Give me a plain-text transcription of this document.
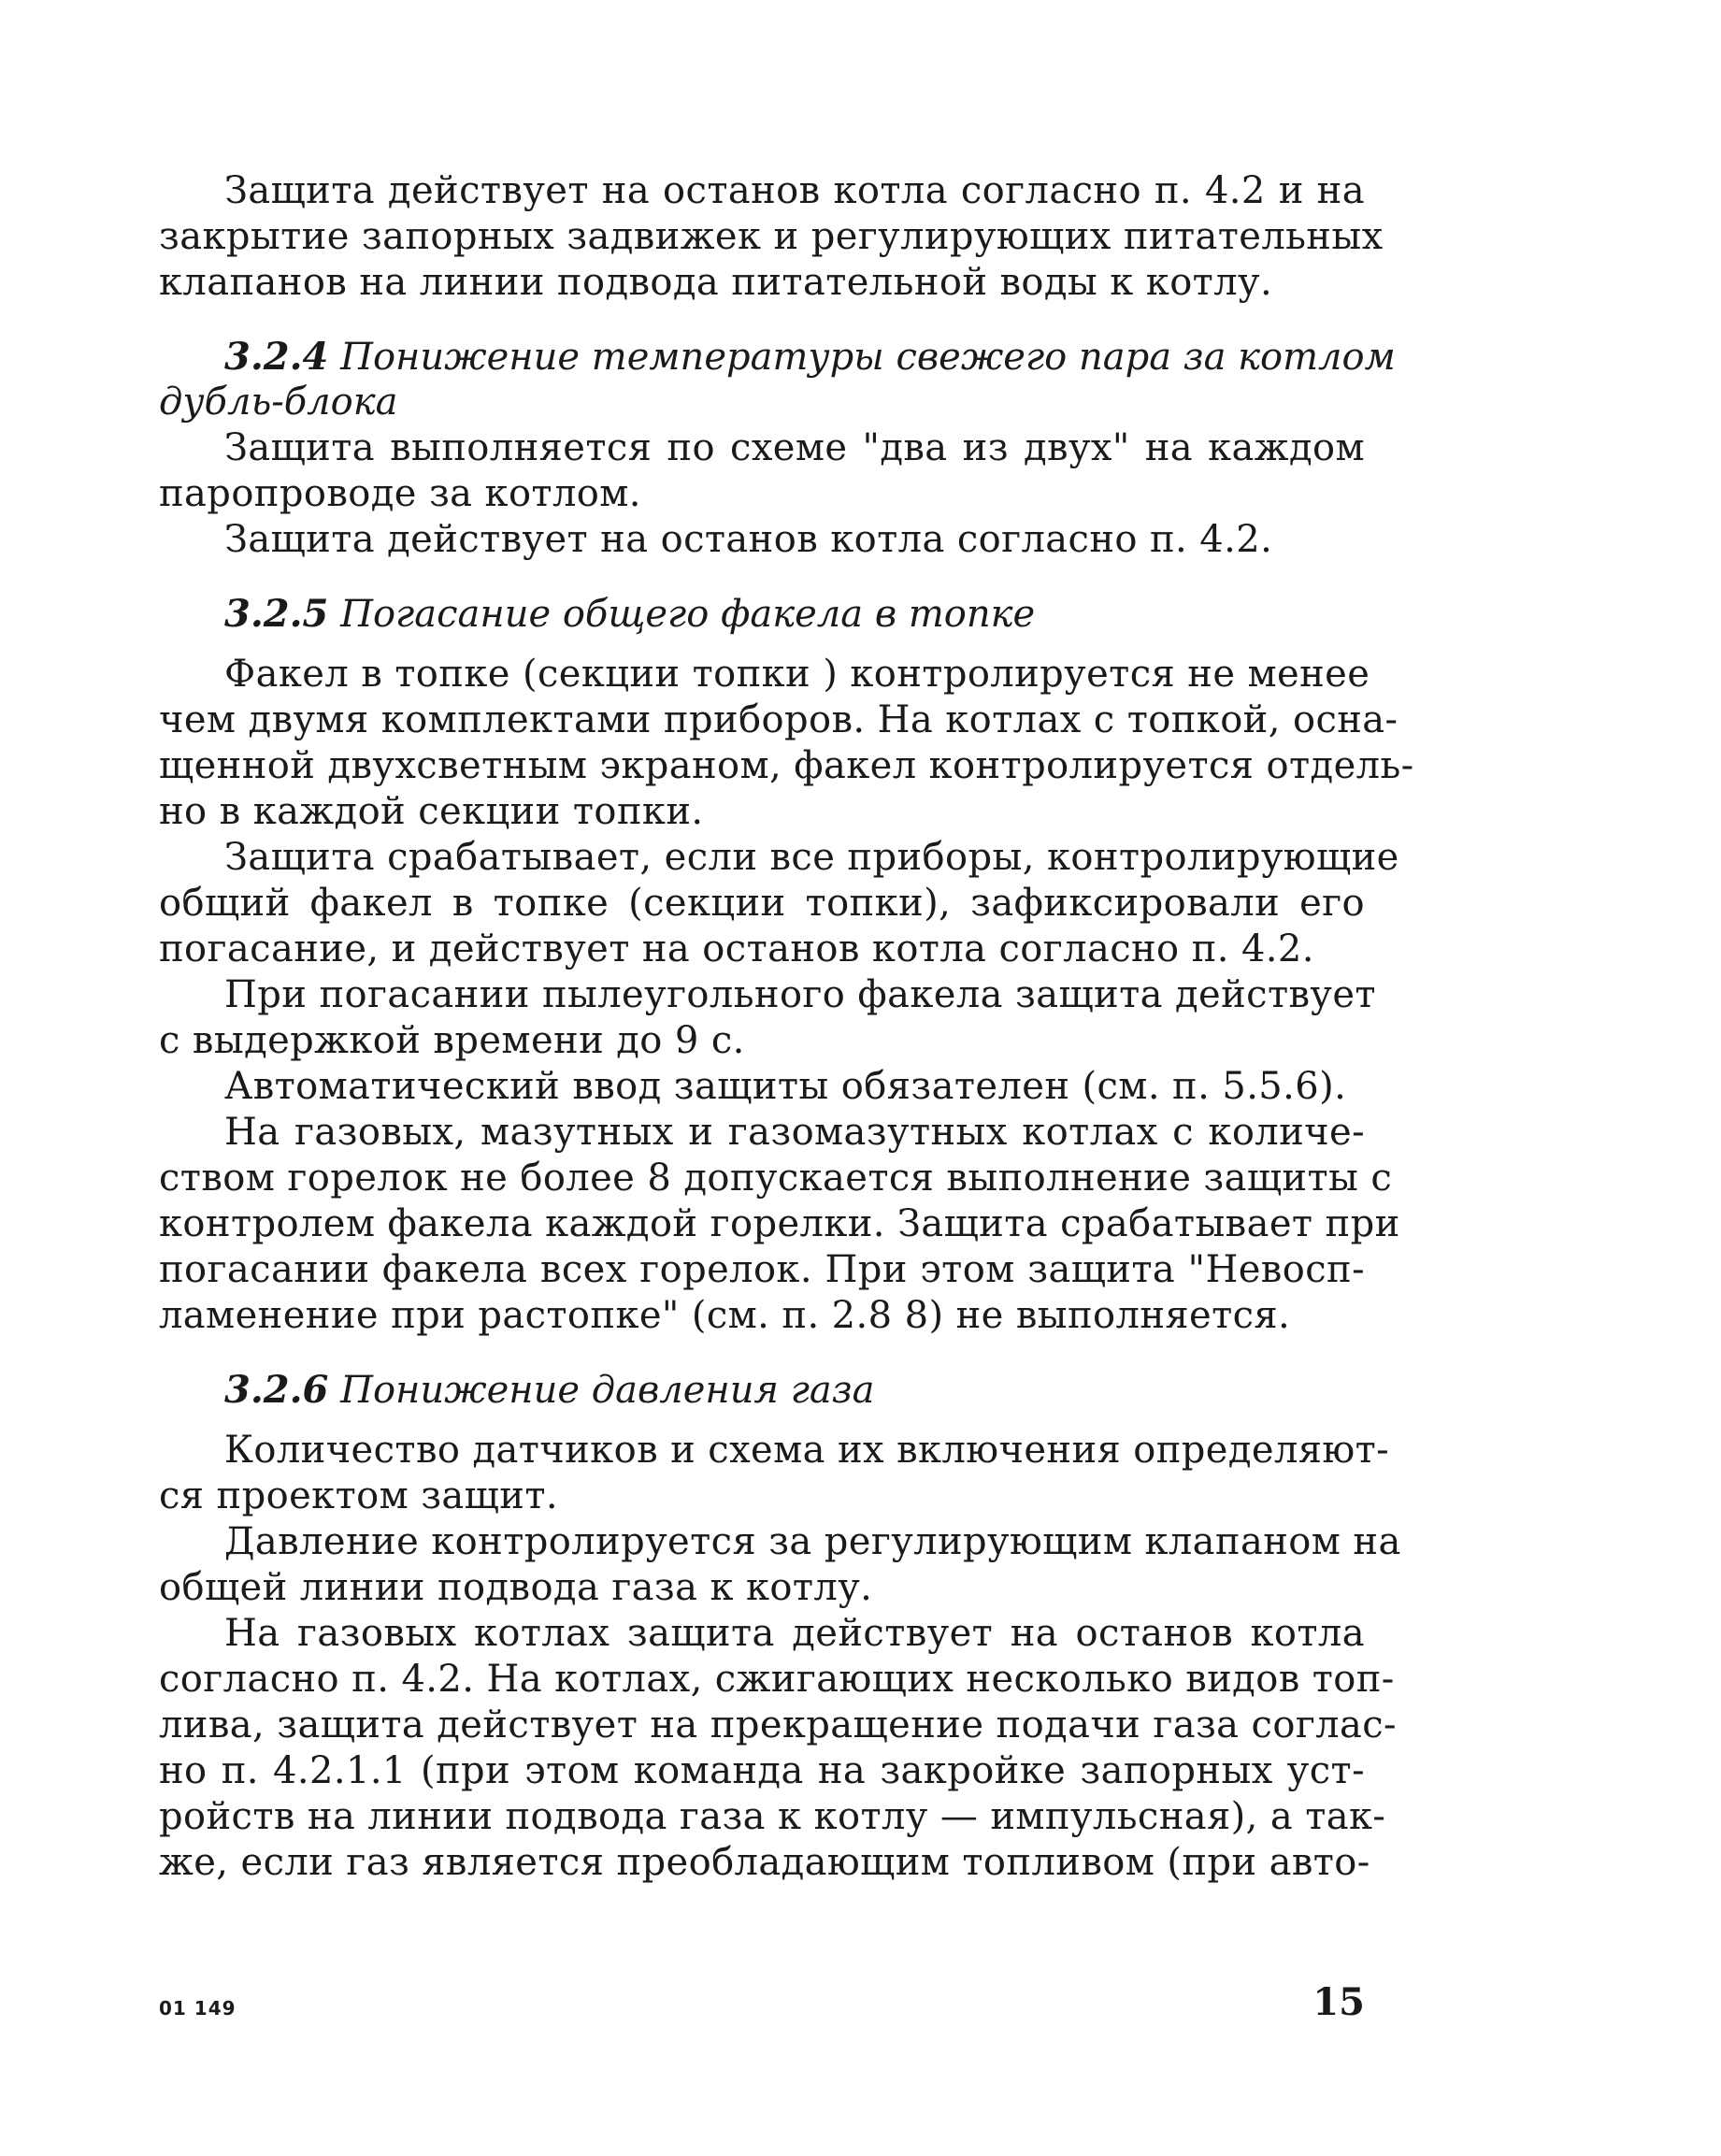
Защита действует на останов котла согласно п. 4.2 и на
закрытие запорных задвижек и регулирующих питательных
клапанов на линии подвода питательной воды к котлу.
3.2.4 Понижение температуры свежего пара за котлом
дубль-блока
Защита выполняется по схеме "два из двух" на каждом
паропроводе за котлом.
Защита действует на останов котла согласно п. 4.2.
3.2.5 Погасание общего факела в топке
Факел в топке (секции топки ) контролируется не менее
чем двумя комплектами приборов. На котлах с топкой, осна-
щенной двухсветным экраном, факел контролируется отдель-
но в каждой секции топки.
Защита срабатывает, если все приборы, контролирующие
общий факел в топке (секции топки), зафиксировали его
погасание, и действует на останов котла согласно п. 4.2.
При погасании пылеугольного факела защита действует
с выдержкой времени до 9 с.
Автоматический ввод защиты обязателен (см. п. 5.5.6).
На газовых, мазутных и газомазутных котлах с количе-
ством горелок не более 8 допускается выполнение защиты с
контролем факела каждой горелки. Защита срабатывает при
погасании факела всех горелок. При этом защита "Невосп-
ламенение при растопке" (см. п. 2.8 8) не выполняется.
3.2.6 Понижение давления газа
Количество датчиков и схема их включения определяют-
ся проектом защит.
Давление контролируется за регулирующим клапаном на
общей линии подвода газа к котлу.
На газовых котлах защита действует на останов котла
согласно п. 4.2. На котлах, сжигающих несколько видов топ-
лива, защита действует на прекращение подачи газа соглас-
но п. 4.2.1.1 (при этом команда на закройке запорных уст-
ройств на линии подвода газа к котлу — импульсная), а так-
же, если газ является преобладающим топливом (при авто-
01 149	15
